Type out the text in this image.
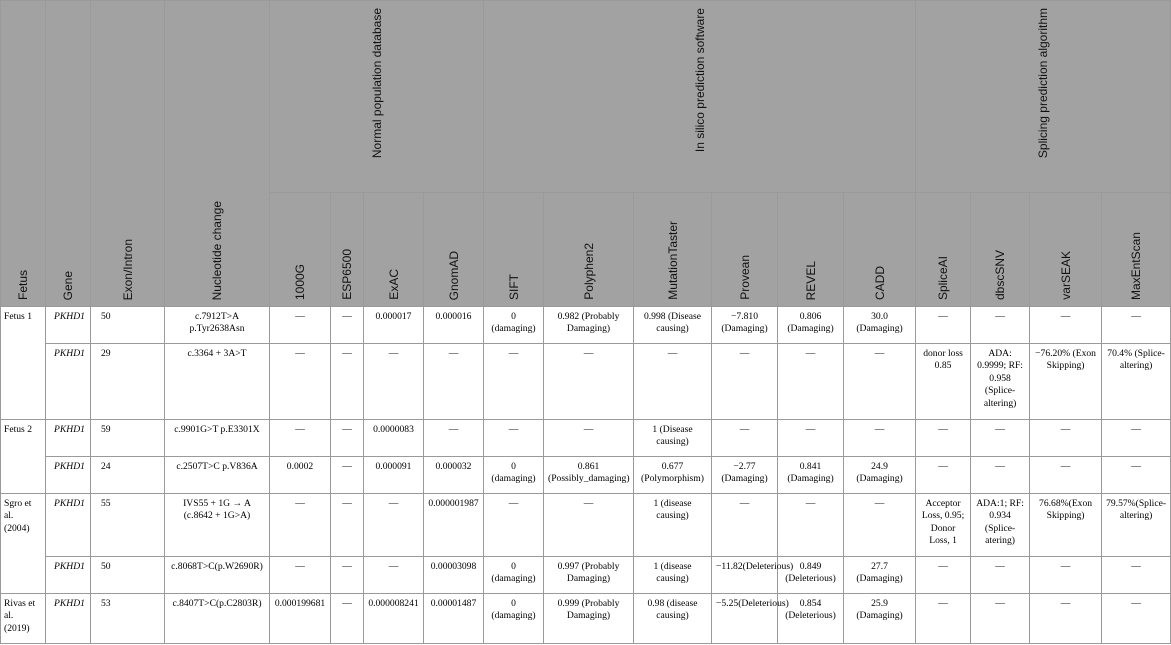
Fetus	Gene	Exon/Intron	Nucleotide change	Normal population database				In silico prediction software						Splicing prediction algorithm			

				1000G	ESP6500	ExAC	GnomAD	SIFT	Polyphen2	MutationTaster	Provean	REVEL	CADD	SpliceAI	dbscSNV	varSEAK	MaxEntScan

Fetus 1	PKHD1	50	c.7912T>A p.Tyr2638Asn	—	—	0.000017	0.000016	0 (damaging)	0.982 (Probably Damaging)	0.998 (Disease causing)	−7.810 (Damaging)	0.806 (Damaging)	30.0 (Damaging)	—	—	—	—
	PKHD1	29	c.3364 + 3A>T	—	—	—	—	—	—	—	—	—	—	donor loss 0.85	ADA: 0.9999; RF: 0.958 (Splice-altering)	−76.20% (Exon Skipping)	70.4% (Splice-altering)
Fetus 2	PKHD1	59	c.9901G>T p.E3301X	—	—	0.0000083	—	—	—	1 (Disease causing)	—	—	—	—	—	—	—
	PKHD1	24	c.2507T>C p.V836A	0.0002	—	0.000091	0.000032	0 (damaging)	0.861 (Possibly_damaging)	0.677 (Polymorphism)	−2.77 (Damaging)	0.841 (Damaging)	24.9 (Damaging)	—	—	—	—
Sgro et al. (2004)	PKHD1	55	IVS55 + 1G → A (c.8642 + 1G>A)	—	—	—	0.000001987	—	—	1 (disease causing)	—	—	—	Acceptor Loss, 0.95; Donor Loss, 1	ADA:1; RF: 0.934 (Splice-atering)	76.68%(Exon Skipping)	79.57%(Splice-altering)
	PKHD1	50	c.8068T>C(p.W2690R)	—	—	—	0.00003098	0 (damaging)	0.997 (Probably Damaging)	1 (disease causing)	−11.82(Deleterious)	0.849 (Deleterious)	27.7 (Damaging)	—	—	—	—
Rivas et al. (2019)	PKHD1	53	c.8407T>C(p.C2803R)	0.000199681	—	0.000008241	0.00001487	0 (damaging)	0.999 (Probably Damaging)	0.98 (disease causing)	−5.25(Deleterious)	0.854 (Deleterious)	25.9 (Damaging)	—	—	—	—
